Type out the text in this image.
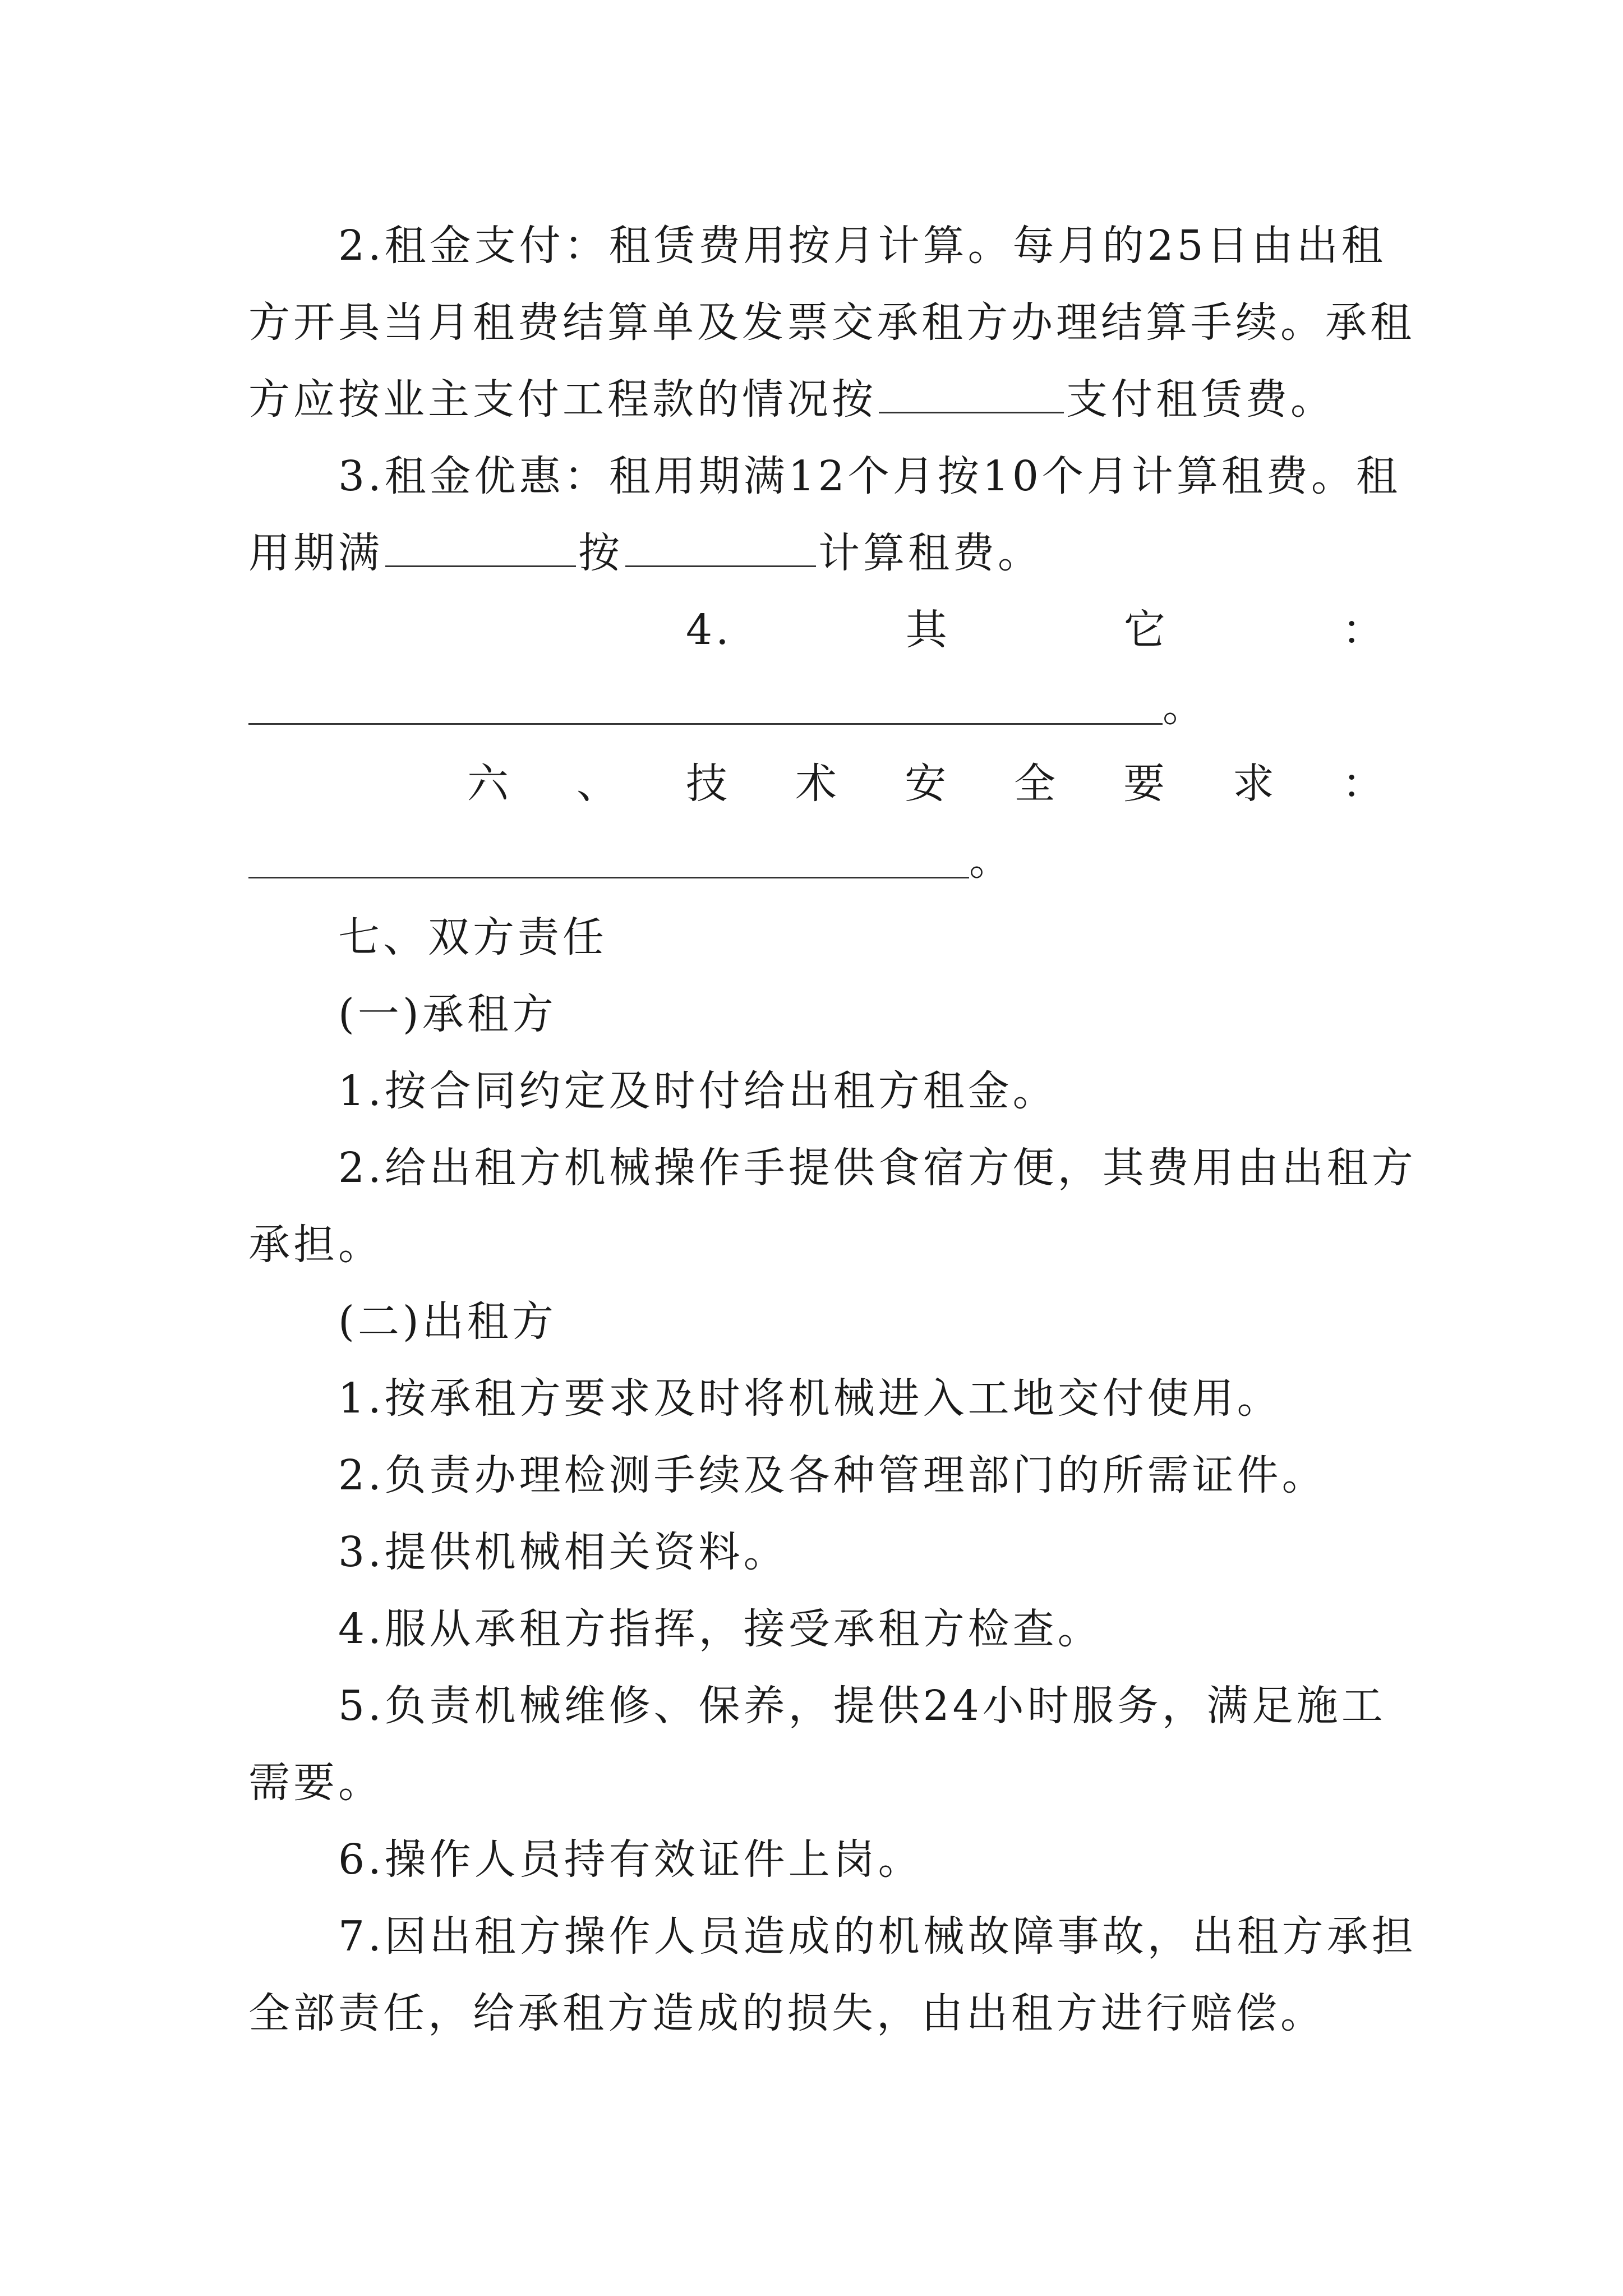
2.租金支付：租赁费用按月计算。每月的25日由出租
方开具当月租费结算单及发票交承租方办理结算手续。承租
方应按业主支付工程款的情况按	支付租赁费。
3.租金优惠：租用期满12个月按10个月计算租费。租
用期满	按	计算租费。
4.	其	它	：
。
六 、 技 术 安 全 要 求 ：
。
七、双方责任
(一)承租方
1.按合同约定及时付给出租方租金。
2.给出租方机械操作手提供食宿方便，其费用由出租方
承担。
(二)出租方
1.按承租方要求及时将机械进入工地交付使用。
2.负责办理检测手续及各种管理部门的所需证件。
3.提供机械相关资料。
4.服从承租方指挥，接受承租方检查。
5.负责机械维修、保养，提供24小时服务，满足施工
需要。
6.操作人员持有效证件上岗。
7.因出租方操作人员造成的机械故障事故，出租方承担
全部责任，给承租方造成的损失，由出租方进行赔偿。
